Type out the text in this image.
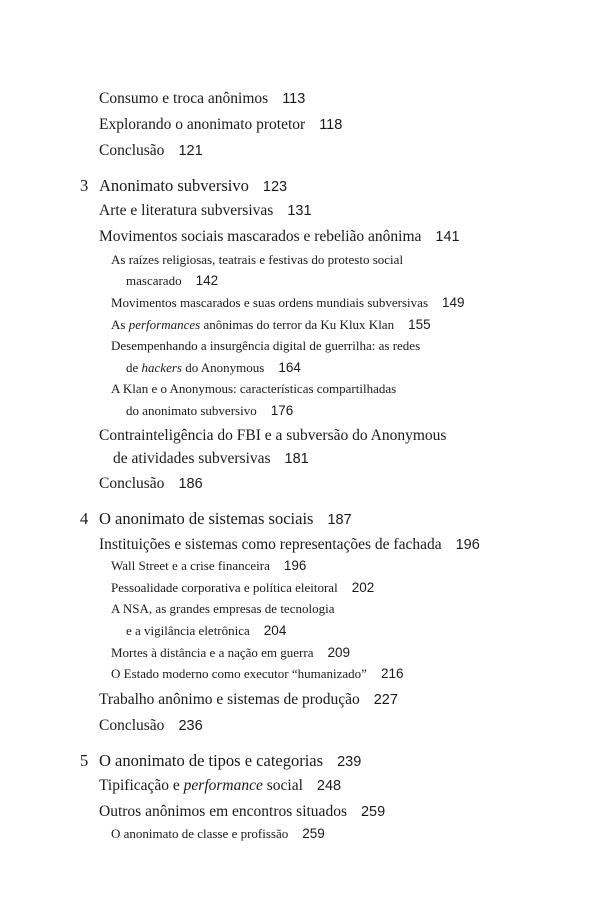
Consumo e troca anônimos 113
Explorando o anonimato protetor 118
Conclusão 121
3 Anonimato subversivo 123
Arte e literatura subversivas 131
Movimentos sociais mascarados e rebelião anônima 141
As raízes religiosas, teatrais e festivas do protesto social
mascarado 142
Movimentos mascarados e suas ordens mundiais subversivas 149
As performances anônimas do terror da Ku Klux Klan 155
Desempenhando a insurgência digital de guerrilha: as redes
de hackers do Anonymous 164
A Klan e o Anonymous: características compartilhadas
do anonimato subversivo 176
Contrainteligência do FBI e a subversão do Anonymous
de atividades subversivas 181
Conclusão 186
4 O anonimato de sistemas sociais 187
Instituições e sistemas como representações de fachada 196
Wall Street e a crise financeira 196
Pessoalidade corporativa e política eleitoral 202
A NSA, as grandes empresas de tecnologia
e a vigilância eletrônica 204
Mortes à distância e a nação em guerra 209
O Estado moderno como executor “humanizado” 216
Trabalho anônimo e sistemas de produção 227
Conclusão 236
5 O anonimato de tipos e categorias 239
Tipificação e performance social 248
Outros anônimos em encontros situados 259
O anonimato de classe e profissão 259
